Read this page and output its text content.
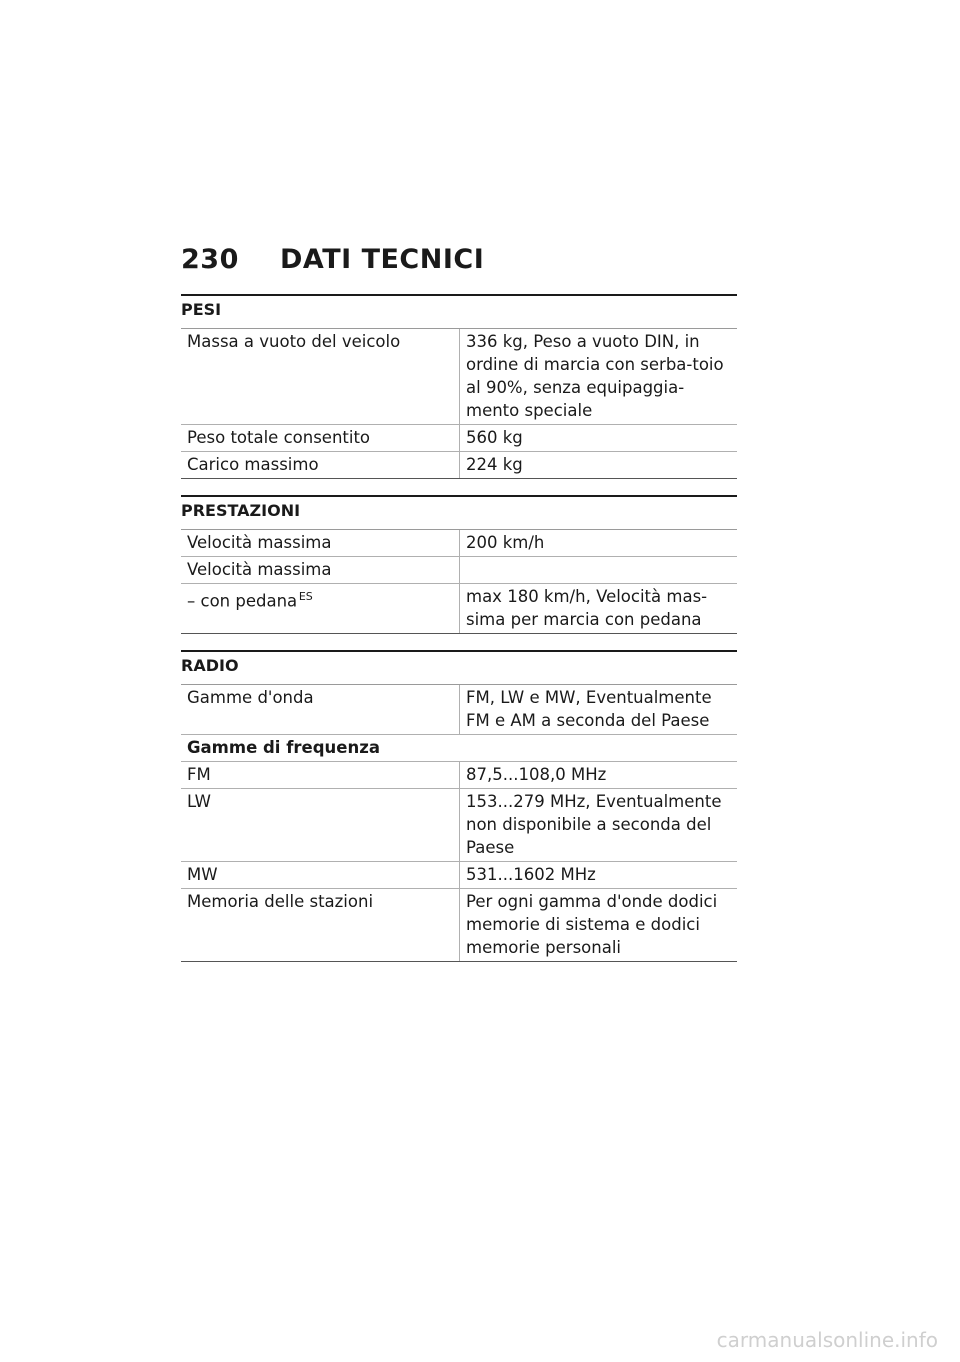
230	DATI TECNICI
PESI
Massa a vuoto del veicolo	336 kg, Peso a vuoto DIN, in ordine di marcia con serba-toio al 90%, senza equipaggia-mento speciale
Peso totale consentito	560 kg
Carico massimo	224 kg
PRESTAZIONI
Velocità massima	200 km/h
Velocità massima	
– con pedana  $^{ES}$	max 180 km/h, Velocità mas-sima per marcia con pedana
RADIO
Gamme d'onda	FM, LW e MW, Eventualmente FM e AM a seconda del Paese
Gamme di frequenza	
FM	87,5...108,0 MHz
LW	153...279 MHz, Eventualmente non disponibile a seconda del Paese
MW	531...1602 MHz
Memoria delle stazioni	Per ogni gamma d'onde dodici memorie di sistema e dodici memorie personali
carmanualsonline.info
